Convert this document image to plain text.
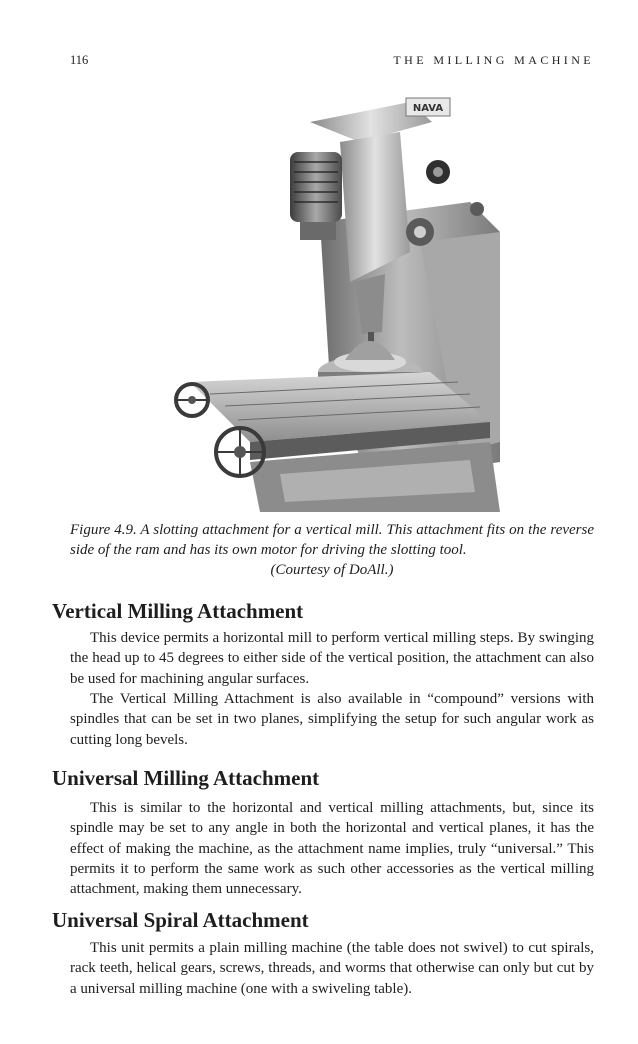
116	THE MILLING MACHINE
NAVA
Figure 4.9. A slotting attachment for a vertical mill. This attachment fits on the reverse side of the ram and has its own motor for driving the slotting tool.
(Courtesy of DoAll.)
Vertical Milling Attachment

This device permits a horizontal mill to perform vertical milling steps. By swinging the head up to 45 degrees to either side of the vertical position, the attachment can also be used for machining angular surfaces.

The Vertical Milling Attachment is also available in “compound” versions with spindles that can be set in two planes, simplifying the setup for such angular work as cutting long bevels.

Universal Milling Attachment

This is similar to the horizontal and vertical milling attachments, but, since its spindle may be set to any angle in both the horizontal and vertical planes, it has the effect of making the machine, as the attachment name implies, truly “universal.” This permits it to perform the same work as such other accessories as the vertical milling attachment, making them unnecessary.

Universal Spiral Attachment

This unit permits a plain milling machine (the table does not swivel) to cut spirals, rack teeth, helical gears, screws, threads, and worms that otherwise can only but cut by a universal milling machine (one with a swiveling table).
